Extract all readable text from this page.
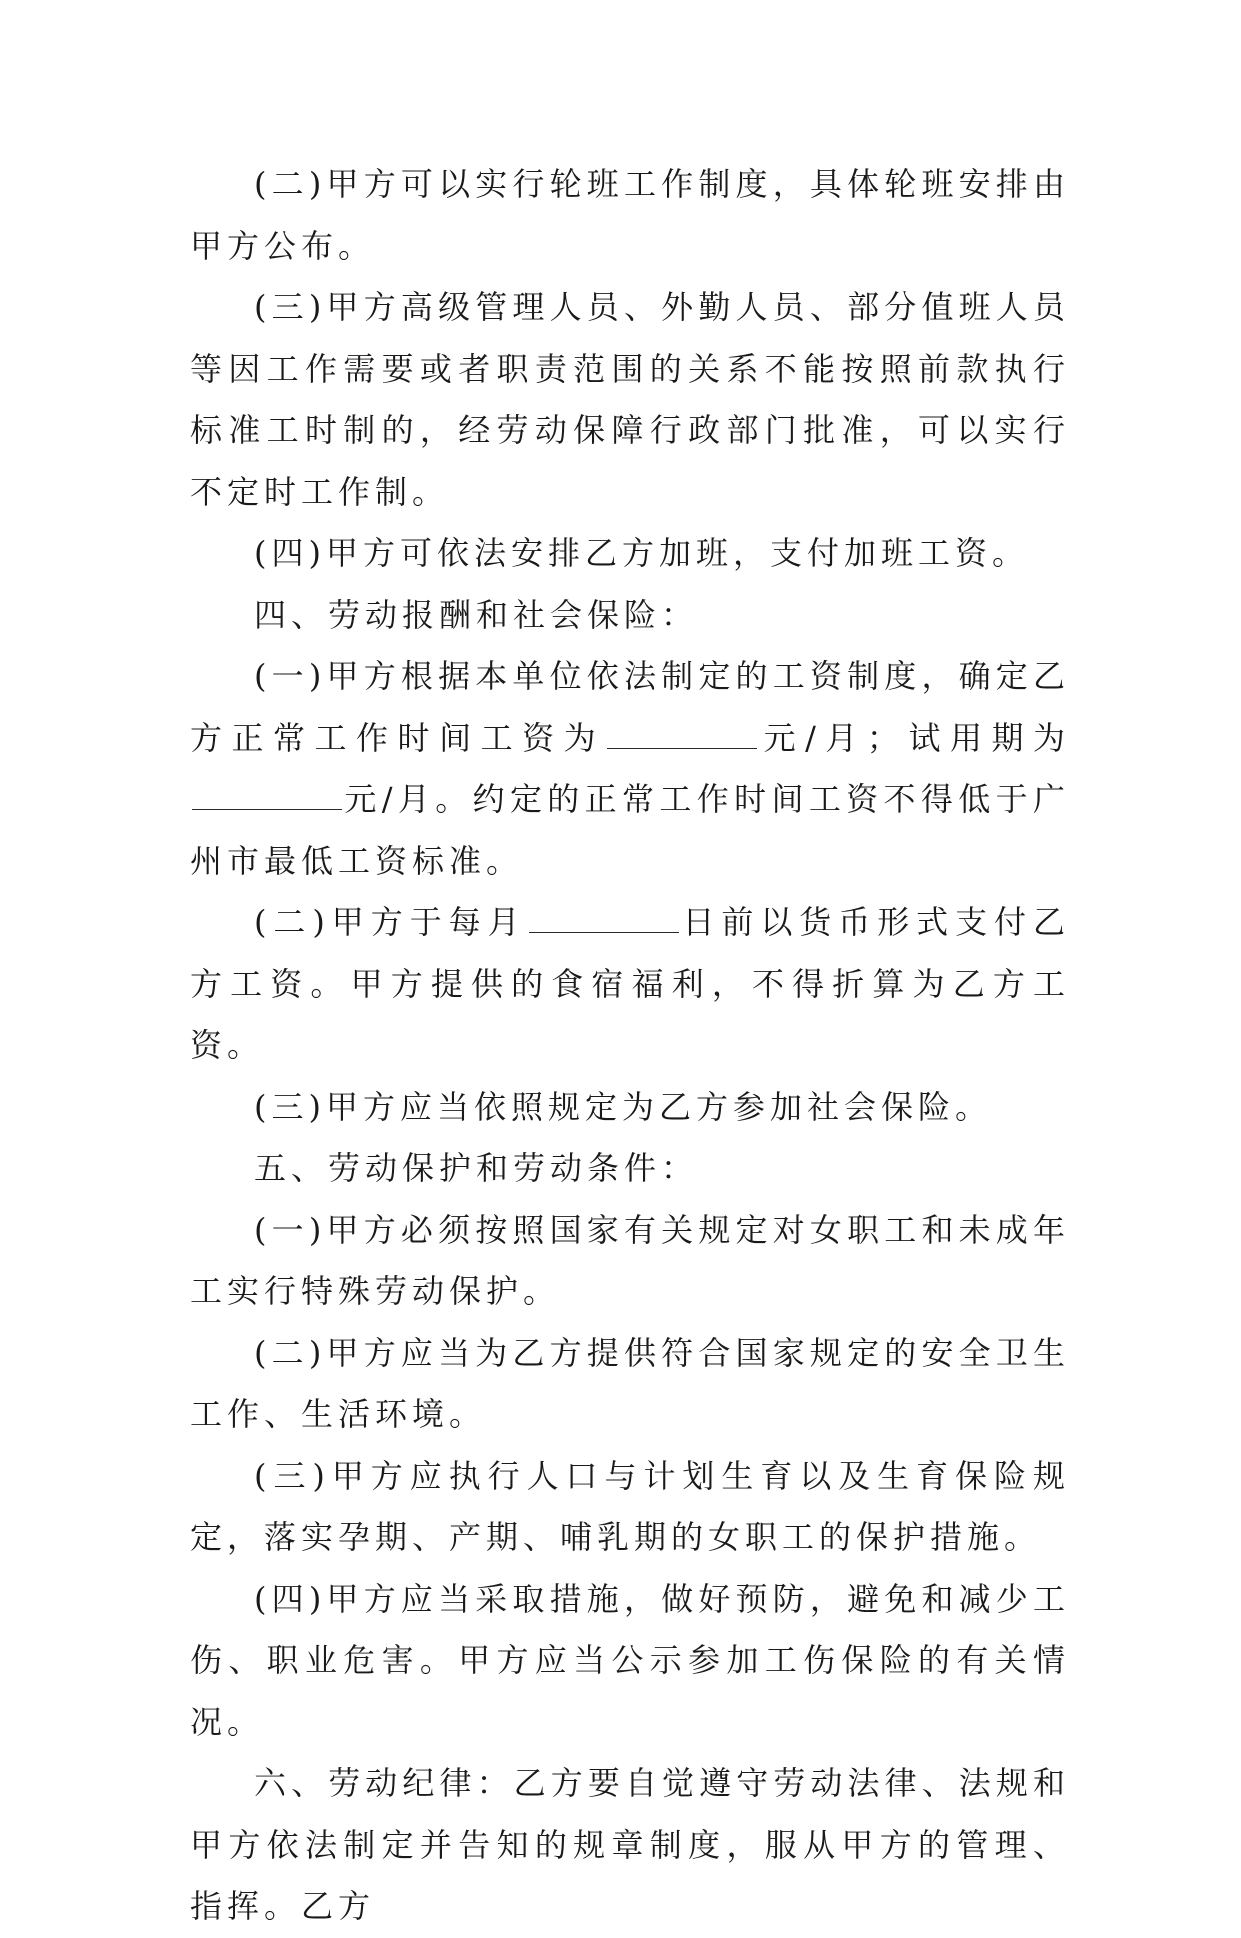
(二)甲方可以实行轮班工作制度，具体轮班安排由甲方公布。

(三)甲方高级管理人员、外勤人员、部分值班人员等因工作需要或者职责范围的关系不能按照前款执行标准工时制的，经劳动保障行政部门批准，可以实行不定时工作制。

(四)甲方可依法安排乙方加班，支付加班工资。

四、劳动报酬和社会保险：

(一)甲方根据本单位依法制定的工资制度，确定乙方正常工作时间工资为	元/月；试用期为元/月。约定的正常工作时间工资不得低于广州市最低工资标准。

(二)甲方于每月	日前以货币形式支付乙方工资。甲方提供的食宿福利，不得折算为乙方工资。

(三)甲方应当依照规定为乙方参加社会保险。

五、劳动保护和劳动条件：

(一)甲方必须按照国家有关规定对女职工和未成年工实行特殊劳动保护。

(二)甲方应当为乙方提供符合国家规定的安全卫生工作、生活环境。

(三)甲方应执行人口与计划生育以及生育保险规定，落实孕期、产期、哺乳期的女职工的保护措施。

(四)甲方应当采取措施，做好预防，避免和减少工伤、职业危害。甲方应当公示参加工伤保险的有关情况。

六、劳动纪律：乙方要自觉遵守劳动法律、法规和甲方依法制定并告知的规章制度，服从甲方的管理、指挥。乙方
